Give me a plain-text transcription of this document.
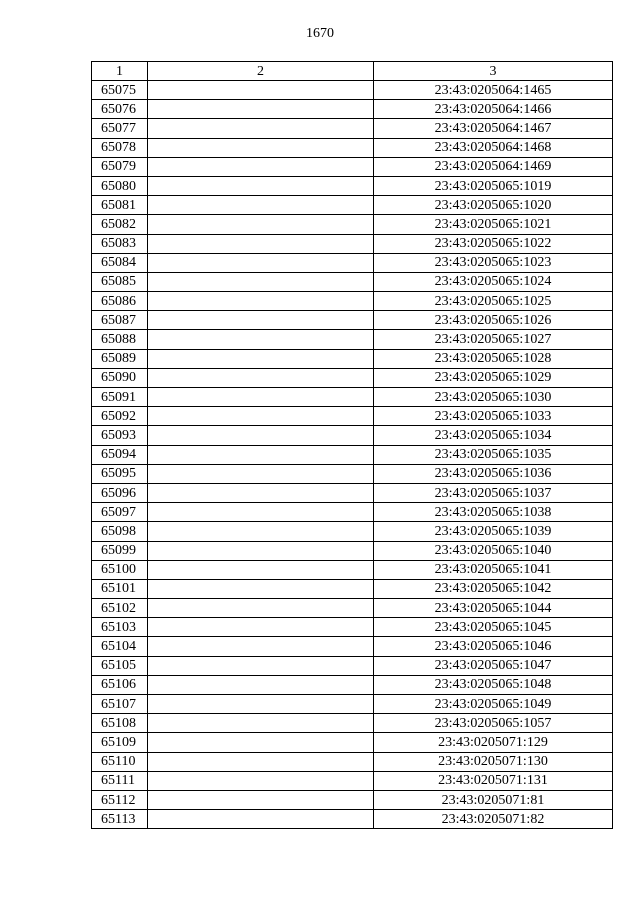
1670
1	2	3
65075		23:43:0205064:1465
65076		23:43:0205064:1466
65077		23:43:0205064:1467
65078		23:43:0205064:1468
65079		23:43:0205064:1469
65080		23:43:0205065:1019
65081		23:43:0205065:1020
65082		23:43:0205065:1021
65083		23:43:0205065:1022
65084		23:43:0205065:1023
65085		23:43:0205065:1024
65086		23:43:0205065:1025
65087		23:43:0205065:1026
65088		23:43:0205065:1027
65089		23:43:0205065:1028
65090		23:43:0205065:1029
65091		23:43:0205065:1030
65092		23:43:0205065:1033
65093		23:43:0205065:1034
65094		23:43:0205065:1035
65095		23:43:0205065:1036
65096		23:43:0205065:1037
65097		23:43:0205065:1038
65098		23:43:0205065:1039
65099		23:43:0205065:1040
65100		23:43:0205065:1041
65101		23:43:0205065:1042
65102		23:43:0205065:1044
65103		23:43:0205065:1045
65104		23:43:0205065:1046
65105		23:43:0205065:1047
65106		23:43:0205065:1048
65107		23:43:0205065:1049
65108		23:43:0205065:1057
65109		23:43:0205071:129
65110		23:43:0205071:130
65111		23:43:0205071:131
65112		23:43:0205071:81
65113		23:43:0205071:82
